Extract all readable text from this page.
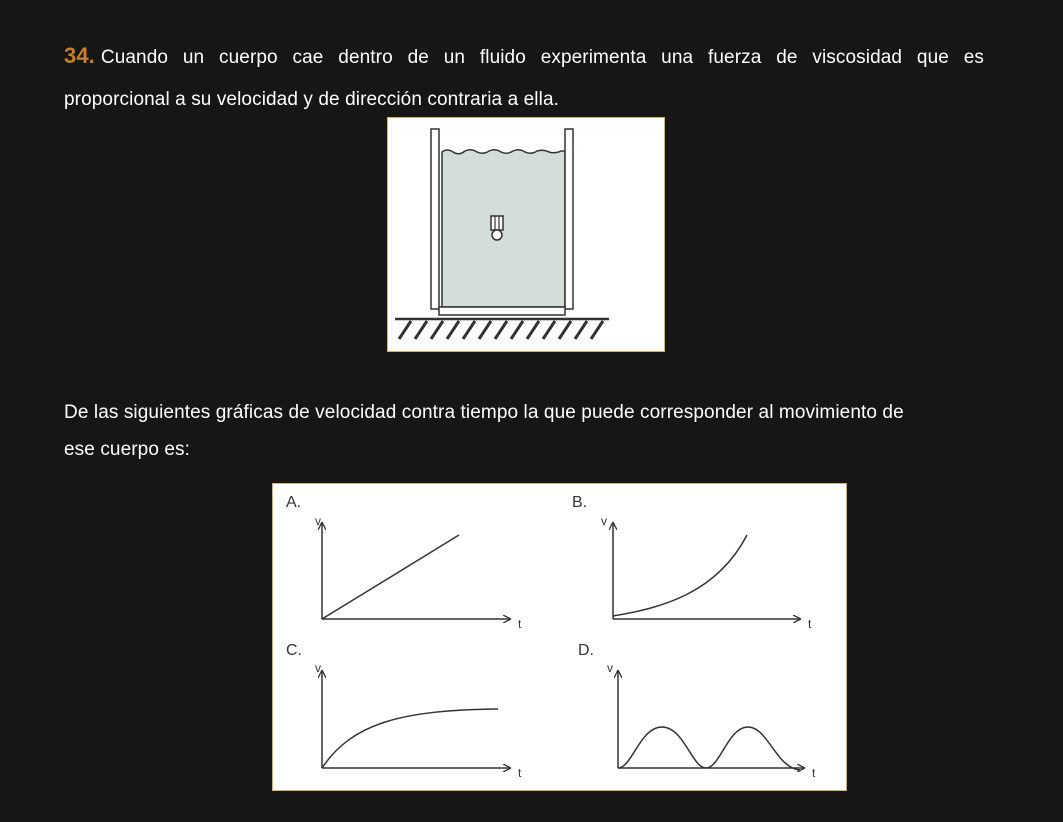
34. Cuando un cuerpo cae dentro de un fluido experimenta una fuerza de viscosidad que es
proporcional a su velocidad y de dirección contraria a ella.
De las siguientes gráficas de velocidad contra tiempo la que puede corresponder al movimiento de
ese cuerpo es:
A.
v
t
B.
v
t
C.
v
t
D.
v
t
